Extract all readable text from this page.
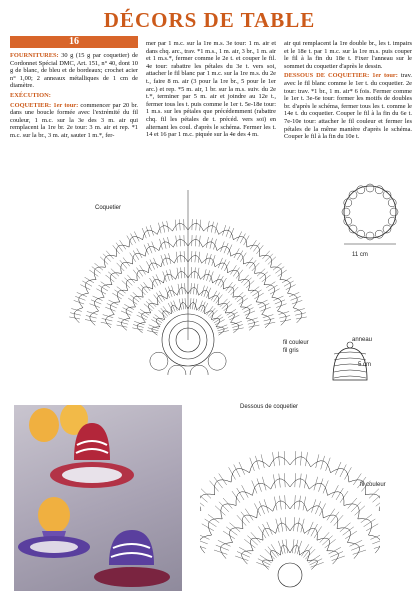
DÉCORS DE TABLE
16

FOURNITURES: 30 g (15 g par coquetier) de Cordonnet Spécial DMC, Art. 151, n° 40, dont 10 g de blanc, de bleu et de bordeaux; crochet acier n° 1,00; 2 anneaux métalliques de 1 cm de diamètre.

EXÉCUTION:

COQUETIER: 1er tour: commencer par 20 br. dans une boucle formée avec l'extrémité du fil couleur, 1 m.c. sur la 3e des 3 m. air qui remplacent la 1re br. 2e tour: 3 m. air et rep. *1 m.c. sur la br., 3 m. air, sauter 1 m.*, fer-

mer par 1 m.c. sur la 1re m.s. 3e tour: 1 m. air et dans chq. arc., trav. *1 m.s., 1 m. air, 3 br., 1 m. air et 1 m.s.*, fermer comme le 2e t. et couper le fil. 4e tour: rabattre les pétales du 3e t. vers soi, attacher le fil blanc par 1 m.c. sur la 1re m.s. du 2e t., faire 8 m. air (3 pour la 1re br., 5 pour le 1er arc.) et rep. *5 m. air, 1 br. sur la m.s. suiv. du 2e t.*, terminer par 5 m. air et joindre au 12e t., fermer tous les t. puis comme le 1er t. 5e-18e tour: 1 m.s. sur les pétales que précédemment (rabattre chq. fil les pétales de t. précéd. vers soi) en alternant les coul. d'après le schéma. Fermer les t. 14 et 16 par 1 m.c. piquée sur la 4e des 4 m.

air qui remplacent la 1re double br., les t. impairs et le 18e t. par 1 m.c. sur la 1re m.s. puis couper le fil à la fin du 18e t. Fixer l'anneau sur le sommet du coquetier d'après le dessin.

DESSOUS DE COQUETIER: 1er tour: trav. avec le fil blanc comme le 1er t. du coquetier. 2e tour: trav. *1 br., 1 m. air* 6 fois. Fermer comme le 1er t. 3e-6e tour: former les motifs de doubles br. d'après le schéma, fermer tous les t. comme le 14e t. du coquetier. Couper le fil à la fin du 6e t. 7e-10e tour: attacher le fil couleur et fermer les pétales de la même manière d'après le schéma. Couper le fil à la fin du 10e t.

Coquetier
fil couleur
fil gris
11 cm
anneau
5 cm
Dessous de coquetier
fil couleur
